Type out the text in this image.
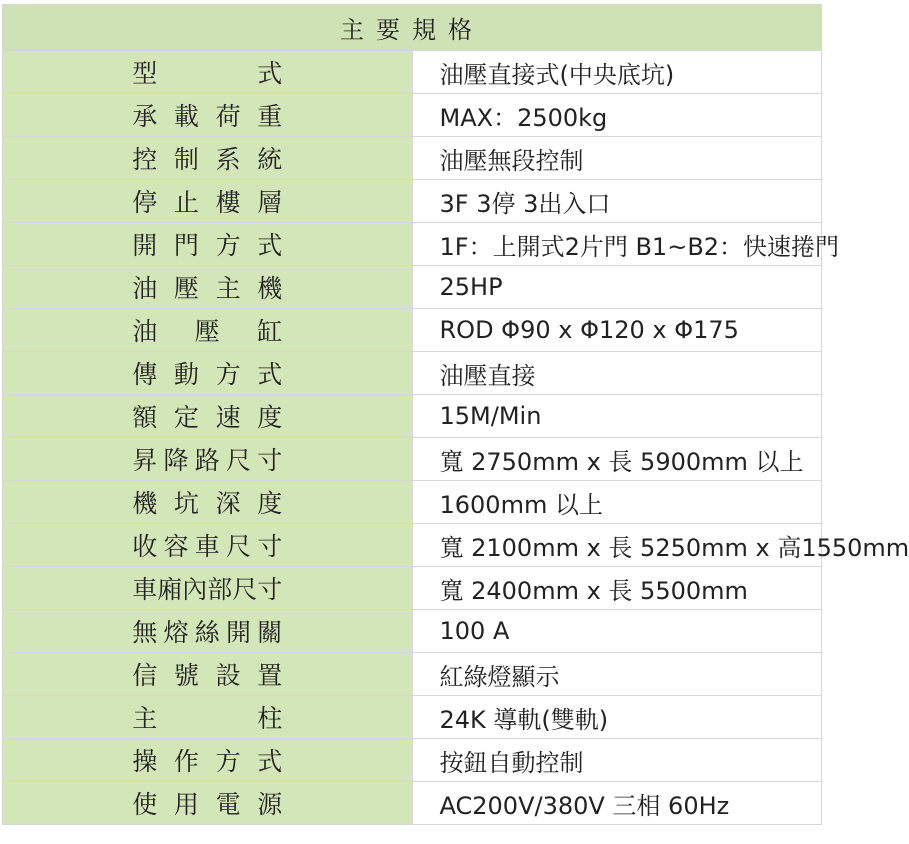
主要規格	
型式	油壓直接式(中央底坑)
承載荷重	MAX：2500kg
控制系統	油壓無段控制
停止樓層	3F 3停 3出入口
開門方式	1F：上開式2片門 B1~B2：快速捲門
油壓主機	25HP
油壓缸	ROD Φ90 x Φ120 x Φ175
傳動方式	油壓直接
額定速度	15M/Min
昇降路尺寸	寬 2750mm x 長 5900mm 以上
機坑深度	1600mm 以上
收容車尺寸	寬 2100mm x 長 5250mm x 高1550mm
車廂內部尺寸	寬 2400mm x 長 5500mm
無熔絲開關	100 A
信號設置	紅綠燈顯示
主柱	24K 導軌(雙軌)
操作方式	按鈕自動控制
使用電源	AC200V/380V 三相 60Hz
